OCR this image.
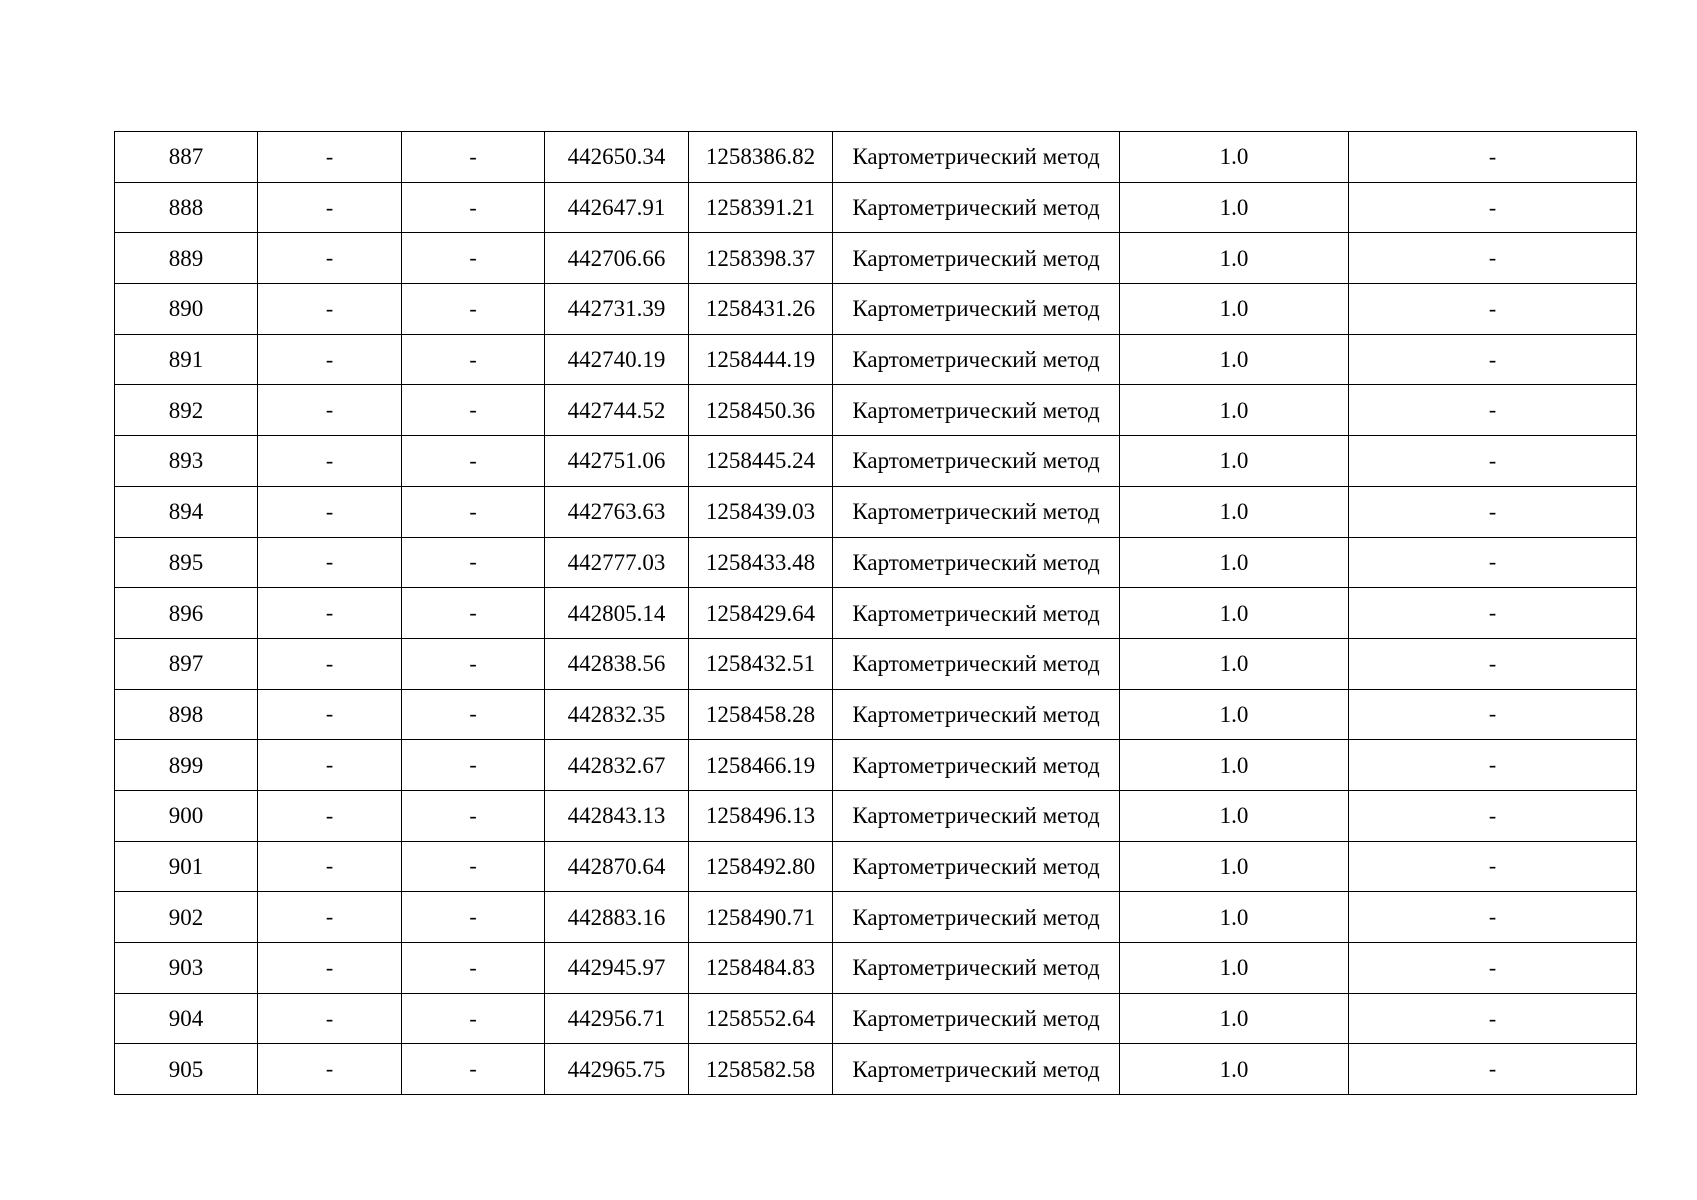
887	-	-	442650.34	1258386.82	Картометрический метод	1.0	-
888	-	-	442647.91	1258391.21	Картометрический метод	1.0	-
889	-	-	442706.66	1258398.37	Картометрический метод	1.0	-
890	-	-	442731.39	1258431.26	Картометрический метод	1.0	-
891	-	-	442740.19	1258444.19	Картометрический метод	1.0	-
892	-	-	442744.52	1258450.36	Картометрический метод	1.0	-
893	-	-	442751.06	1258445.24	Картометрический метод	1.0	-
894	-	-	442763.63	1258439.03	Картометрический метод	1.0	-
895	-	-	442777.03	1258433.48	Картометрический метод	1.0	-
896	-	-	442805.14	1258429.64	Картометрический метод	1.0	-
897	-	-	442838.56	1258432.51	Картометрический метод	1.0	-
898	-	-	442832.35	1258458.28	Картометрический метод	1.0	-
899	-	-	442832.67	1258466.19	Картометрический метод	1.0	-
900	-	-	442843.13	1258496.13	Картометрический метод	1.0	-
901	-	-	442870.64	1258492.80	Картометрический метод	1.0	-
902	-	-	442883.16	1258490.71	Картометрический метод	1.0	-
903	-	-	442945.97	1258484.83	Картометрический метод	1.0	-
904	-	-	442956.71	1258552.64	Картометрический метод	1.0	-
905	-	-	442965.75	1258582.58	Картометрический метод	1.0	-
